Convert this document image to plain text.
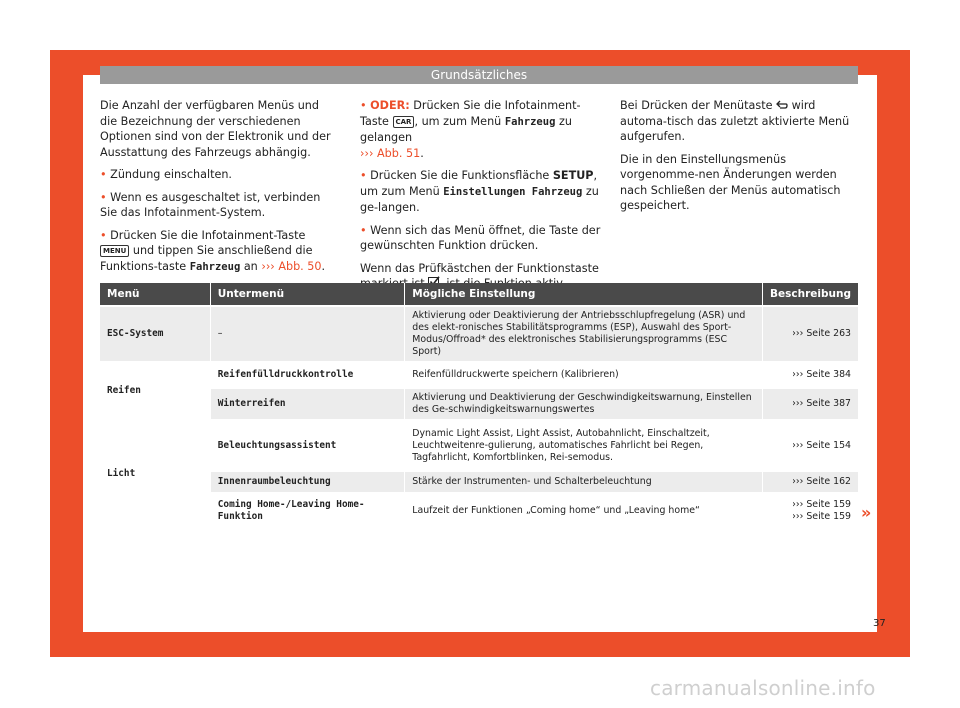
Grundsätzliches

Die Anzahl der verfügbaren Menüs und die Bezeichnung der verschiedenen Optionen sind von der Elektronik und der Ausstattung des Fahrzeugs abhängig.

• Zündung einschalten.

• Wenn es ausgeschaltet ist, verbinden Sie das Infotainment-System.

• Drücken Sie die Infotainment-Taste MENU und tippen Sie anschließend die Funktions-taste Fahrzeug an ››› Abb. 50.

• ODER: Drücken Sie die Infotainment-Taste CAR , um zum Menü Fahrzeug zu gelangen
››› Abb. 51.

• Drücken Sie die Funktionsfläche SETUP, um zum Menü Einstellungen Fahrzeug zu ge-langen.

• Wenn sich das Menü öffnet, die Taste der gewünschten Funktion drücken.

Wenn das Prüfkästchen der Funktionstaste

Bei Drücken der Menütaste wird automa-tisch das zuletzt aktivierte Menü aufgerufen.

Die in den Einstellungsmenüs vorgenomme-nen Änderungen werden nach Schließen der Menüs automatisch gespeichert.

Menü	Untermenü	Mögliche Einstellung	Beschreibung
ESC-System	–	Aktivierung oder Deaktivierung der Antriebsschlupfregelung (ASR) und des elekt-ronisches Stabilitätsprogramms (ESP), Auswahl des Sport-Modus/Offroad* des elektronisches Stabilisierungsprogramms (ESC Sport)	››› Seite 263
Reifen	Reifenfülldruckkontrolle	Reifenfülldruckwerte speichern (Kalibrieren)	››› Seite 384
	Winterreifen	Aktivierung und Deaktivierung der Geschwindigkeitswarnung, Einstellen des Ge-schwindigkeitswarnungswertes	››› Seite 387
Licht	Beleuchtungsassistent	Dynamic Light Assist, Light Assist, Autobahnlicht, Einschaltzeit, Leuchtweitenre-gulierung, automatisches Fahrlicht bei Regen, Tagfahrlicht, Komfortblinken, Rei-semodus.	››› Seite 154
	Innenraumbeleuchtung	Stärke der Instrumenten- und Schalterbeleuchtung	››› Seite 162
	Coming Home-/Leaving Home-Funktion	Laufzeit der Funktionen „Coming home“ und „Leaving home“	››› Seite 159
››› Seite 159 »
37
carmanualsonline.info
